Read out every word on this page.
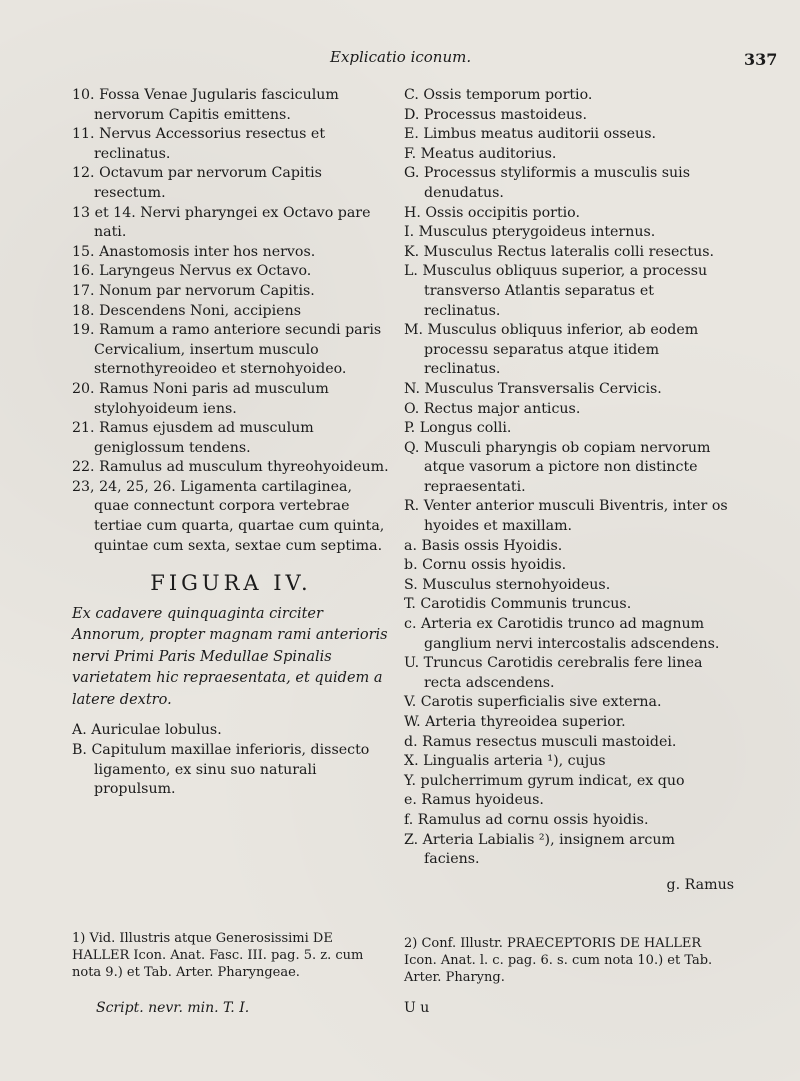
Explicatio iconum.	337

10. Fossa Venae Jugularis fasciculum nervorum Capitis emittens.

11. Nervus Accessorius resectus et reclinatus.

12. Octavum par nervorum Capitis resectum.

13 et 14. Nervi pharyngei ex Octavo pare nati.

15. Anastomosis inter hos nervos.

16. Laryngeus Nervus ex Octavo.

17. Nonum par nervorum Capitis.

18. Descendens Noni, accipiens

19. Ramum a ramo anteriore secundi paris Cervicalium, insertum musculo sternothyreoideo et sternohyoideo.

20. Ramus Noni paris ad musculum stylohyoideum iens.

21. Ramus ejusdem ad musculum geniglossum tendens.

22. Ramulus ad musculum thyreohyoideum.

23, 24, 25, 26. Ligamenta cartilaginea, quae connectunt corpora vertebrae tertiae cum quarta, quartae cum quinta, quintae cum sexta, sextae cum septima.

FIGURA IV.

Ex cadavere quinquaginta circiter Annorum, propter magnam rami anterioris nervi Primi Paris Medullae Spinalis varietatem hic repraesentata, et quidem a latere dextro.

A. Auriculae lobulus.

B. Capitulum maxillae inferioris, dissecto ligamento, ex sinu suo naturali propulsum.

C. Ossis temporum portio.

D. Processus mastoideus.

E. Limbus meatus auditorii osseus.

F. Meatus auditorius.

G. Processus styliformis a musculis suis denudatus.

H. Ossis occipitis portio.

I. Musculus pterygoideus internus.

K. Musculus Rectus lateralis colli resectus.

L. Musculus obliquus superior, a processu transverso Atlantis separatus et reclinatus.

M. Musculus obliquus inferior, ab eodem processu separatus atque itidem reclinatus.

N. Musculus Transversalis Cervicis.

O. Rectus major anticus.

P. Longus colli.

Q. Musculi pharyngis ob copiam nervorum atque vasorum a pictore non distincte repraesentati.

R. Venter anterior musculi Biventris, inter os hyoides et maxillam.

a. Basis ossis Hyoidis.

b. Cornu ossis hyoidis.

S. Musculus sternohyoideus.

T. Carotidis Communis truncus.

c. Arteria ex Carotidis trunco ad magnum ganglium nervi intercostalis adscendens.

U. Truncus Carotidis cerebralis fere linea recta adscendens.

V. Carotis superficialis sive externa.

W. Arteria thyreoidea superior.

d. Ramus resectus musculi mastoidei.

X. Lingualis arteria ¹), cujus

Y. pulcherrimum gyrum indicat, ex quo

e. Ramus hyoideus.

f. Ramulus ad cornu ossis hyoidis.

Z. Arteria Labialis ²), insignem arcum faciens.

g. Ramus

1) Vid. Illustris atque Generosissimi DE HALLER Icon. Anat. Fasc. III. pag. 5. z. cum nota 9.) et Tab. Arter. Pharyngeae.

2) Conf. Illustr. PRAECEPTORIS DE HALLER Icon. Anat. l. c. pag. 6. s. cum nota 10.) et Tab. Arter. Pharyng.

Script. nevr. min. T. I.	U u
